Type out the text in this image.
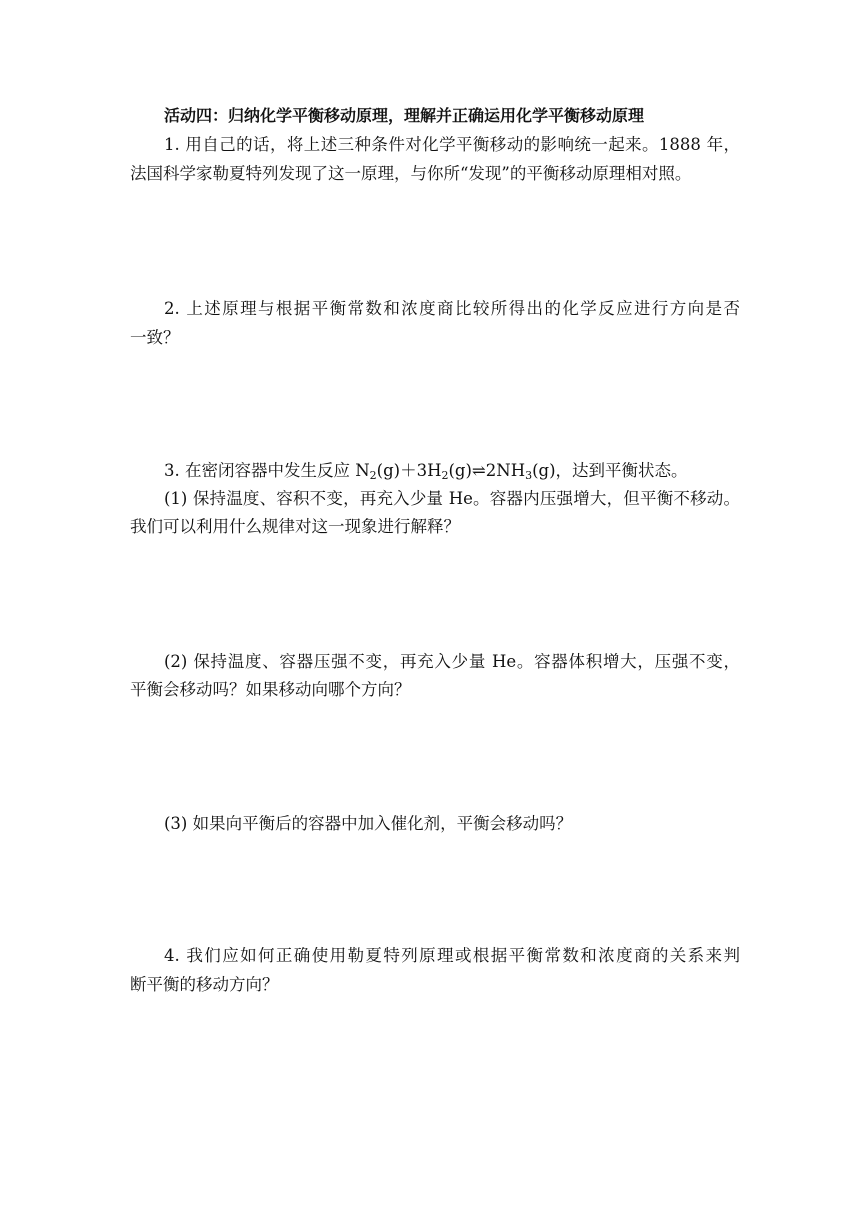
活动四：归纳化学平衡移动原理，理解并正确运用化学平衡移动原理
1. 用自己的话，将上述三种条件对化学平衡移动的影响统一起来。1888 年，
法国科学家勒夏特列发现了这一原理，与你所“发现”的平衡移动原理相对照。
2. 上述原理与根据平衡常数和浓度商比较所得出的化学反应进行方向是否
一致？
3. 在密闭容器中发生反应 $N_2(g)+3H_2(g)\rightleftharpoons 2NH_3(g)$，达到平衡状态。
(1) 保持温度、容积不变，再充入少量 He。容器内压强增大，但平衡不移动。
我们可以利用什么规律对这一现象进行解释？
(2) 保持温度、容器压强不变，再充入少量 He。容器体积增大，压强不变，
平衡会移动吗？如果移动向哪个方向？
(3) 如果向平衡后的容器中加入催化剂，平衡会移动吗？
4. 我们应如何正确使用勒夏特列原理或根据平衡常数和浓度商的关系来判
断平衡的移动方向？
